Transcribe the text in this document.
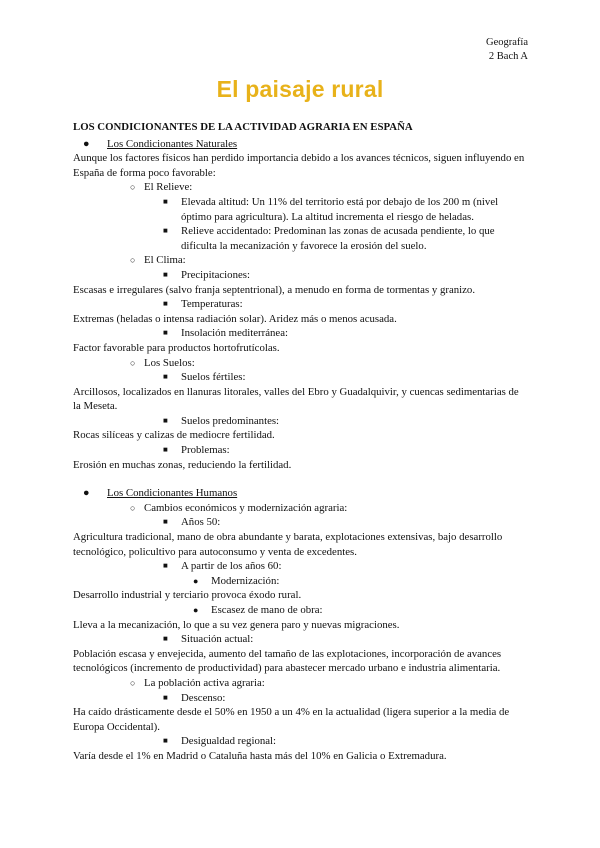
Geografía
2 Bach A
El paisaje rural

LOS CONDICIONANTES DE LA ACTIVIDAD AGRARIA EN ESPAÑA

●	Los Condicionantes Naturales

Aunque los factores físicos han perdido importancia debido a los avances técnicos, siguen influyendo en España de forma poco favorable:

○ El Relieve:
■	Elevada altitud: Un 11% del territorio está por debajo de los 200 m (nivel óptimo para agricultura). La altitud incrementa el riesgo de heladas.
■	Relieve accidentado: Predominan las zonas de acusada pendiente, lo que dificulta la mecanización y favorece la erosión del suelo.
○ El Clima:
■	Precipitaciones:

Escasas e irregulares (salvo franja septentrional), a menudo en forma de tormentas y granizo.

■	Temperaturas:

Extremas (heladas o intensa radiación solar). Aridez más o menos acusada.

■	Insolación mediterránea:

Factor favorable para productos hortofrutícolas.

○ Los Suelos:
■	Suelos fértiles:

Arcillosos, localizados en llanuras litorales, valles del Ebro y Guadalquivir, y cuencas sedimentarias de la Meseta.

■	Suelos predominantes:

Rocas silíceas y calizas de mediocre fertilidad.

■	Problemas:

Erosión en muchas zonas, reduciendo la fertilidad.

●	Los Condicionantes Humanos
○ Cambios económicos y modernización agraria:
■	Años 50:

Agricultura tradicional, mano de obra abundante y barata, explotaciones extensivas, bajo desarrollo tecnológico, policultivo para autoconsumo y venta de excedentes.

■	A partir de los años 60:
●	Modernización:

Desarrollo industrial y terciario provoca éxodo rural.

●	Escasez de mano de obra:

Lleva a la mecanización, lo que a su vez genera paro y nuevas migraciones.

■	Situación actual:

Población escasa y envejecida, aumento del tamaño de las explotaciones, incorporación de avances tecnológicos (incremento de productividad) para abastecer mercado urbano e industria alimentaria.

○ La población activa agraria:
■	Descenso:

Ha caído drásticamente desde el 50% en 1950 a un 4% en la actualidad (ligera superior a la media de Europa Occidental).

■	Desigualdad regional:

Varía desde el 1% en Madrid o Cataluña hasta más del 10% en Galicia o Extremadura.
